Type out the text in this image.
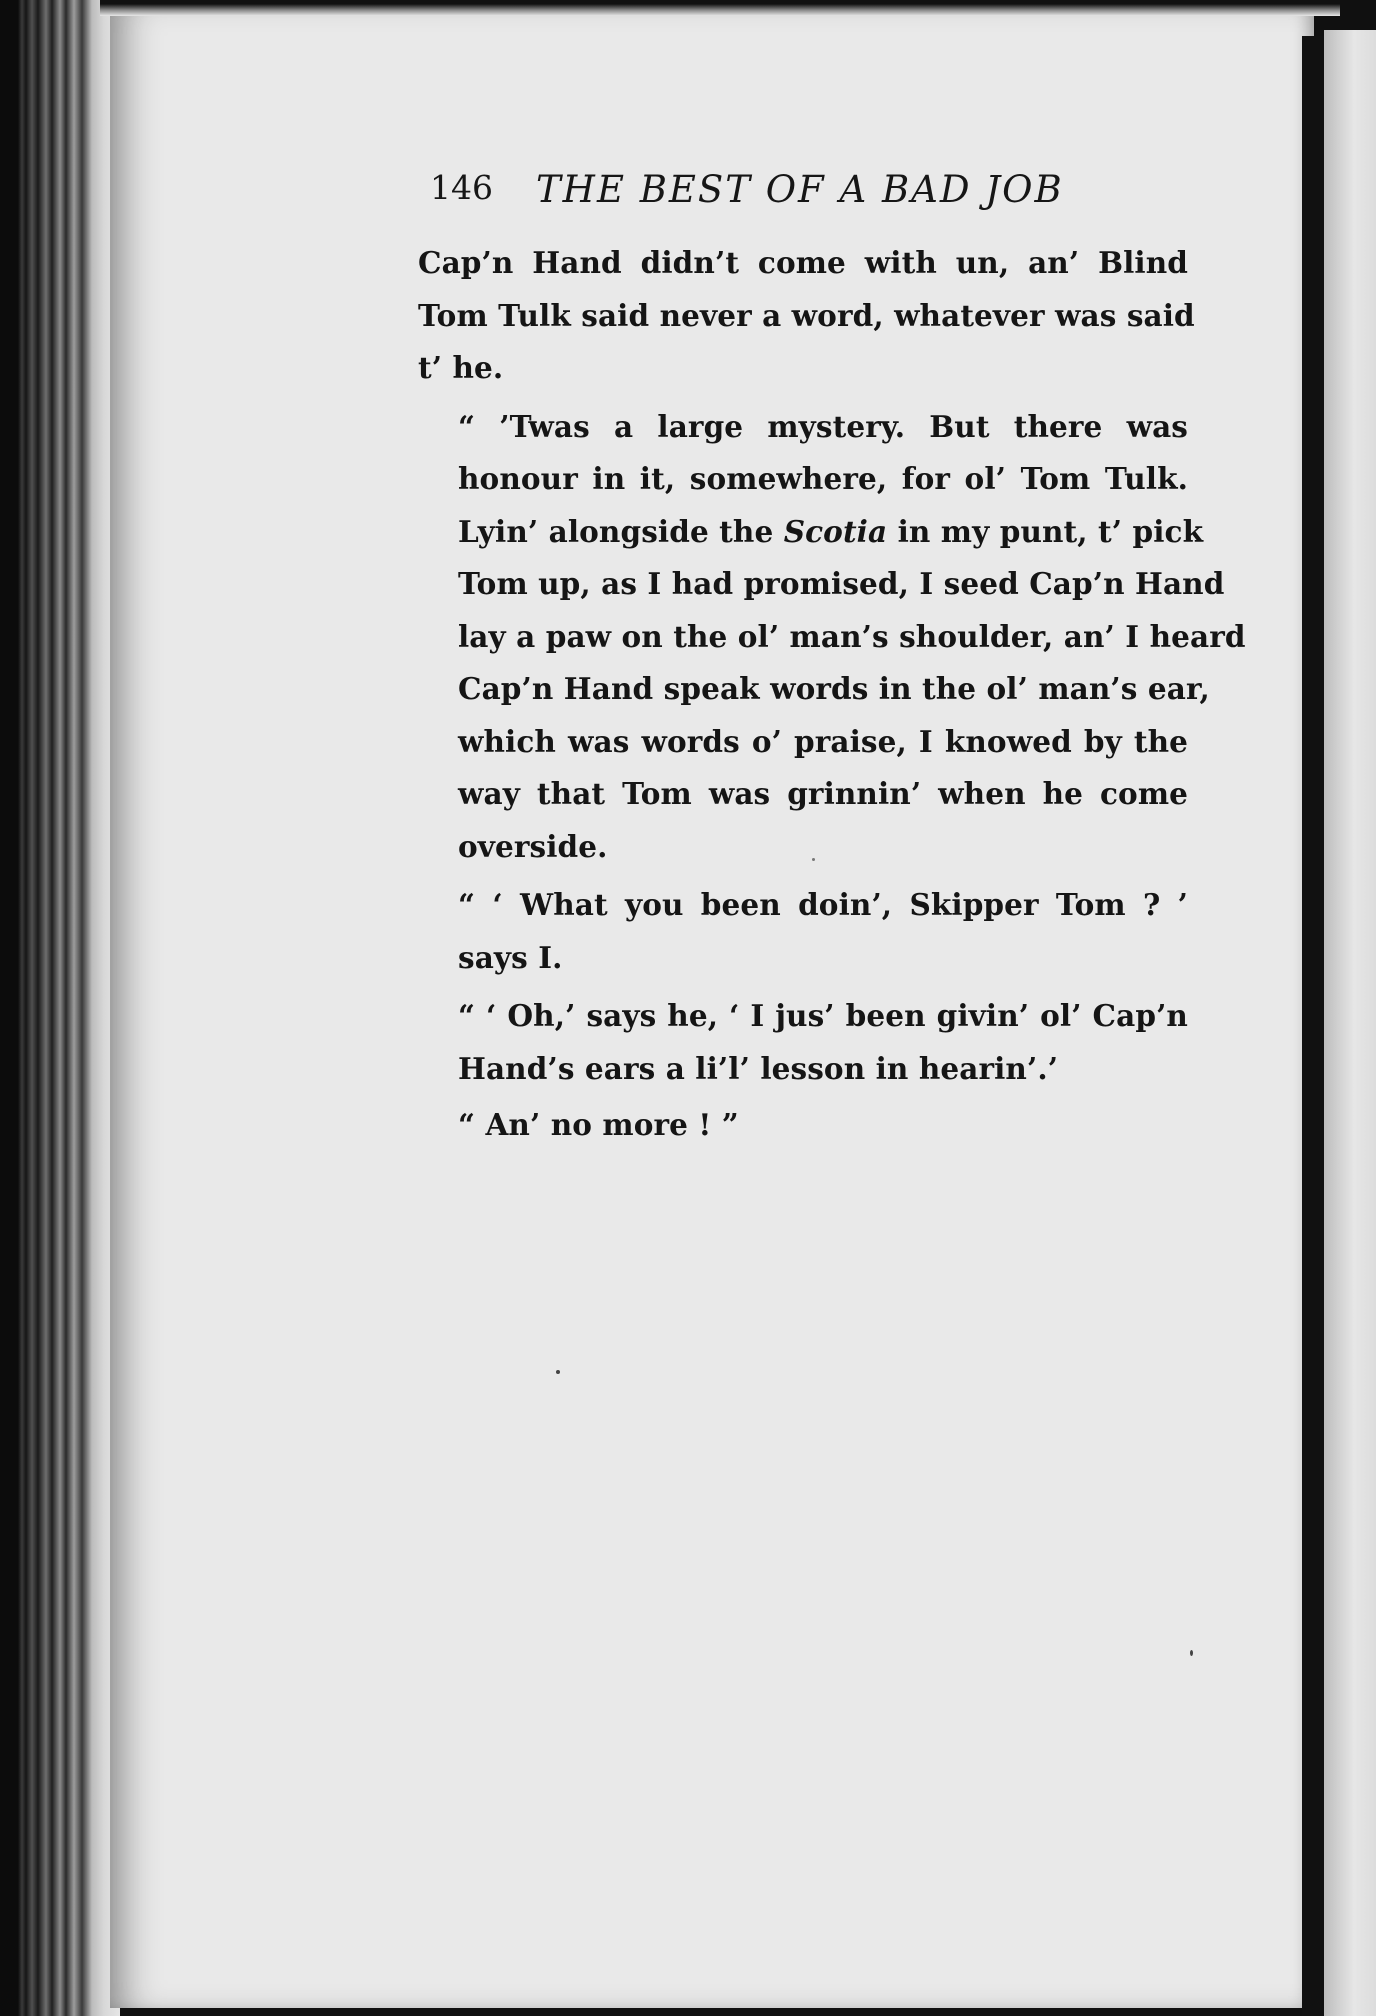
146 THE BEST OF A BAD JOB

Cap’n Hand didn’t come with un, an’ Blind
Tom Tulk said never a word, whatever was said
t’ he.

“ ’Twas a large mystery. But there was
honour in it, somewhere, for ol’ Tom Tulk.
Lyin’ alongside the Scotia in my punt, t’ pick
Tom up, as I had promised, I seed Cap’n Hand
lay a paw on the ol’ man’s shoulder, an’ I heard
Cap’n Hand speak words in the ol’ man’s ear,
which was words o’ praise, I knowed by the
way that Tom was grinnin’ when he come
overside.

“ ‘ What you been doin’, Skipper Tom ? ’
says I.

“ ‘ Oh,’ says he, ‘ I jus’ been givin’ ol’ Cap’n
Hand’s ears a li’l’ lesson in hearin’.’

“ An’ no more ! ”
